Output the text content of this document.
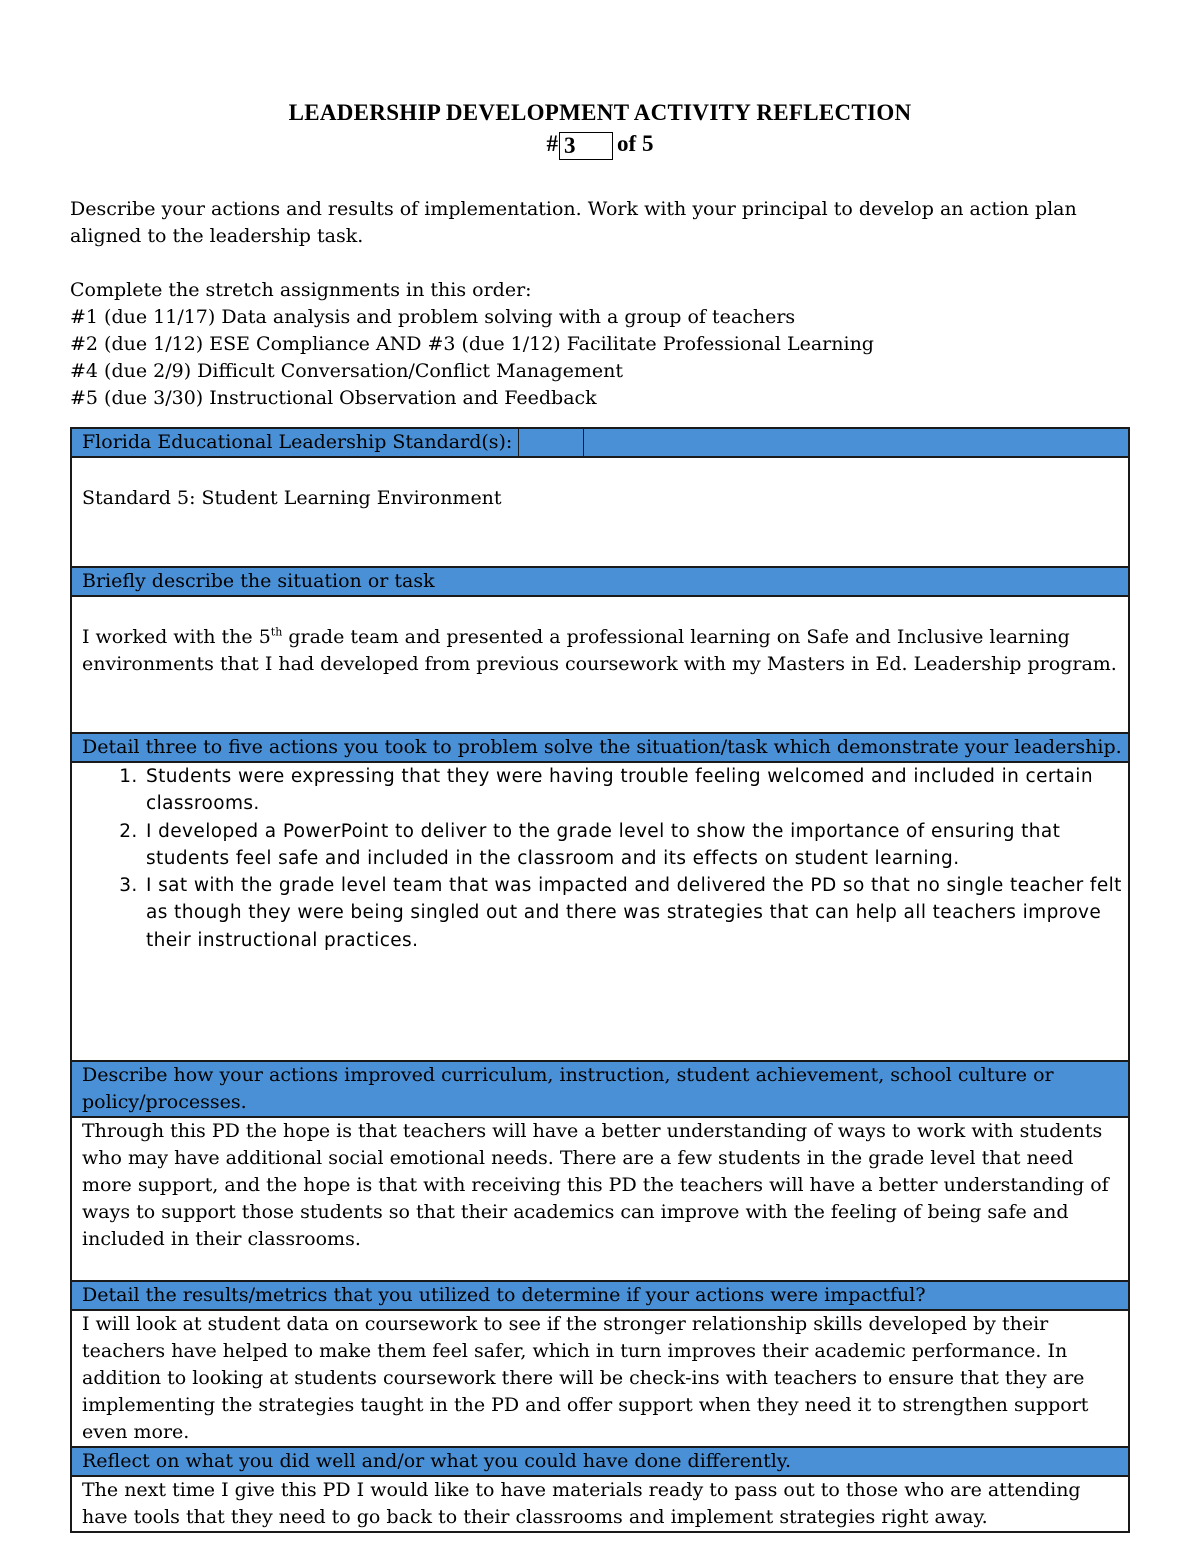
LEADERSHIP DEVELOPMENT ACTIVITY REFLECTION
# 3 of 5

Describe your actions and results of implementation. Work with your principal to develop an action plan aligned to the leadership task.

Complete the stretch assignments in this order:

#1 (due 11/17) Data analysis and problem solving with a group of teachers

#2 (due 1/12) ESE Compliance AND #3 (due 1/12) Facilitate Professional Learning

#4 (due 2/9) Difficult Conversation/Conflict Management

#5 (due 3/30) Instructional Observation and Feedback

Florida Educational Leadership Standard(s):

Standard 5: Student Learning Environment
Briefly describe the situation or task
I worked with the 5th grade team and presented a professional learning on Safe and Inclusive learning environments that I had developed from previous coursework with my Masters in Ed. Leadership program.
Detail three to five actions you took to problem solve the situation/task which demonstrate your leadership.

1. Students were expressing that they were having trouble feeling welcomed and included in certain classrooms.
2. I developed a PowerPoint to deliver to the grade level to show the importance of ensuring that students feel safe and included in the classroom and its effects on student learning.
3. I sat with the grade level team that was impacted and delivered the PD so that no single teacher felt as though they were being singled out and there was strategies that can help all teachers improve their instructional practices.

Describe how your actions improved curriculum, instruction, student achievement, school culture or policy/processes.
Through this PD the hope is that teachers will have a better understanding of ways to work with students who may have additional social emotional needs. There are a few students in the grade level that need more support, and the hope is that with receiving this PD the teachers will have a better understanding of ways to support those students so that their academics can improve with the feeling of being safe and included in their classrooms.
Detail the results/metrics that you utilized to determine if your actions were impactful?
I will look at student data on coursework to see if the stronger relationship skills developed by their teachers have helped to make them feel safer, which in turn improves their academic performance. In addition to looking at students coursework there will be check-ins with teachers to ensure that they are implementing the strategies taught in the PD and offer support when they need it to strengthen support even more.
Reflect on what you did well and/or what you could have done differently.
The next time I give this PD I would like to have materials ready to pass out to those who are attending have tools that they need to go back to their classrooms and implement strategies right away.
